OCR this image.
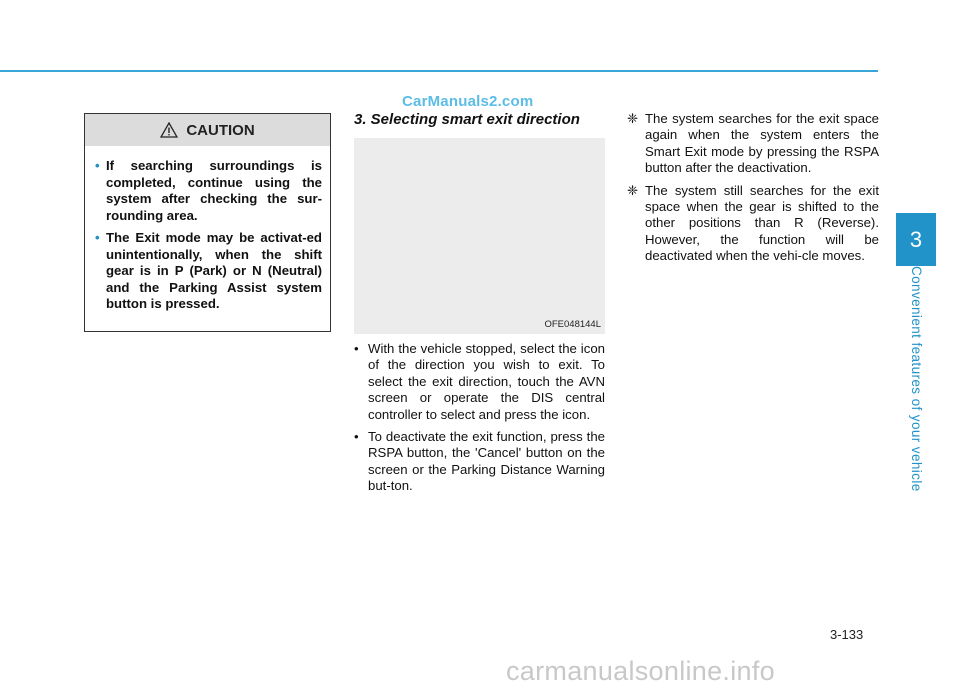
CarManuals2.com
3
Convenient features of your vehicle
CAUTION
• If searching surroundings is completed, continue using the system after checking the sur-rounding area.
• The Exit mode may be activat-ed unintentionally, when the shift gear is in P (Park) or N (Neutral) and the Parking Assist system button is pressed.
3. Selecting smart exit direction
OFE048144L
• With the vehicle stopped, select the icon of the direction you wish to exit. To select the exit direction, touch the AVN screen or operate the DIS central controller to select and press the icon.
• To deactivate the exit function, press the RSPA button, the 'Cancel' button on the screen or the Parking Distance Warning but-ton.
❈ The system searches for the exit space again when the system enters the Smart Exit mode by pressing the RSPA button after the deactivation.
❈ The system still searches for the exit space when the gear is shifted to the other positions than R (Reverse). However, the function will be deactivated when the vehi-cle moves.
3-133
carmanualsonline.info
